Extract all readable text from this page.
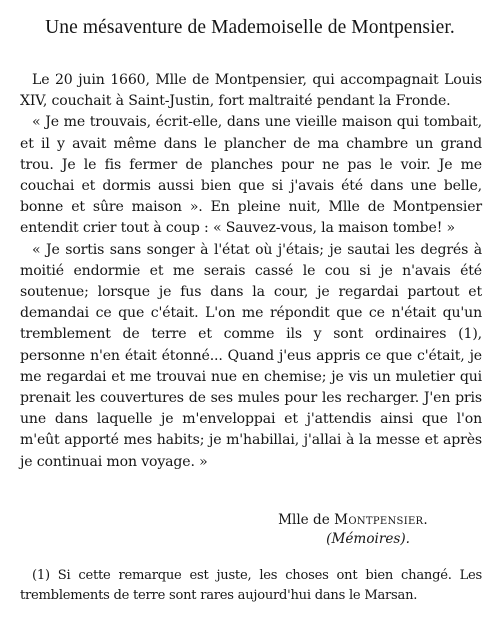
Une mésaventure de Mademoiselle de Montpensier.

Le 20 juin 1660, Mlle de Montpensier, qui accompagnait Louis XIV, couchait à Saint-Justin, fort maltraité pendant la Fronde.

« Je me trouvais, écrit-elle, dans une vieille maison qui tombait, et il y avait même dans le plancher de ma chambre un grand trou. Je le fis fermer de planches pour ne pas le voir. Je me couchai et dormis aussi bien que si j'avais été dans une belle, bonne et sûre maison ». En pleine nuit, Mlle de Montpensier entendit crier tout à coup : « Sauvez-vous, la maison tombe! »

« Je sortis sans songer à l'état où j'étais; je sautai les degrés à moitié endormie et me serais cassé le cou si je n'avais été soutenue; lorsque je fus dans la cour, je regardai partout et demandai ce que c'était. L'on me répondit que ce n'était qu'un tremblement de terre et comme ils y sont ordinaires (1), personne n'en était étonné... Quand j'eus appris ce que c'était, je me regardai et me trouvai nue en chemise; je vis un muletier qui prenait les couvertures de ses mules pour les recharger. J'en pris une dans laquelle je m'enveloppai et j'attendis ainsi que l'on m'eût apporté mes habits; je m'habillai, j'allai à la messe et après je continuai mon voyage. »

Mlle de Montpensier.
(Mémoires).

(1) Si cette remarque est juste, les choses ont bien changé. Les tremblements de terre sont rares aujourd'hui dans le Marsan.
